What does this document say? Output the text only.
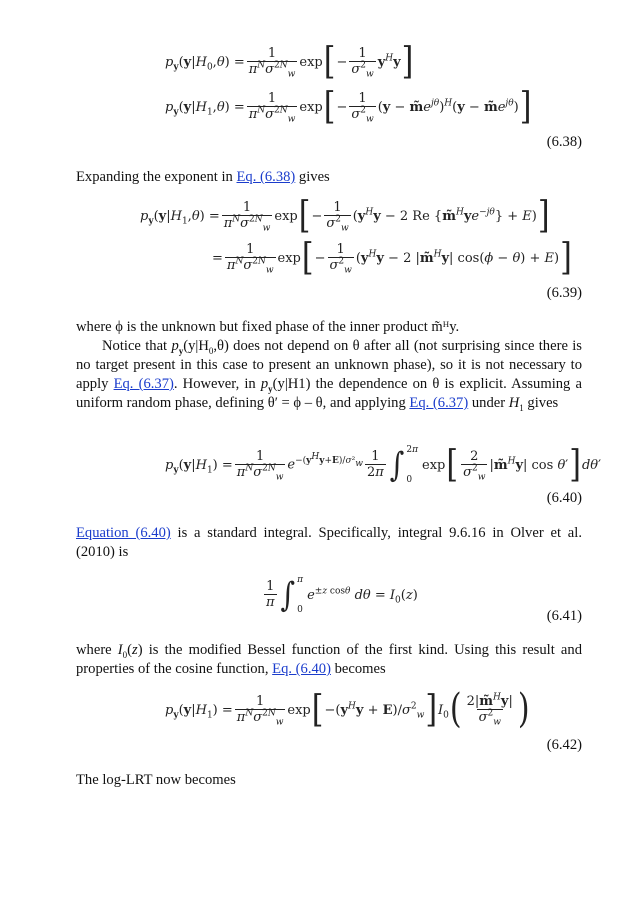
$p_y(y|H_0,\theta) = \frac{1}{\pi^N\sigma^{2N}_w}$ exp [ − $\frac{1}{\sigma^2_w} y^Hy$ ]
$p_y(y|H_1,\theta) = \frac{1}{\pi^N\sigma^{2N}_w}$ exp [ − $\frac{1}{\sigma^2_w} (y$ − $m̃e^{j\theta})^H(y$ − $m̃e^{j\theta}$) ]
(6.38)

Expanding the exponent in Eq. (6.38) gives

$p_y(y|H_1,\theta) = \frac{1}{\pi^N\sigma^{2N}_w}$ exp [ − $\frac{1}{\sigma^2_w} (y^Hy - 2$ Re $\{m̃^Hye^{-j\theta}\} + E$) ]
= $\frac{1}{\pi^N\sigma^{2N}_w}$ exp [ − $\frac{1}{\sigma^2_w} (y^Hy - 2$ |m̃$^H$y| cos(ϕ − θ) + E) ]
(6.39)

where ϕ is the unknown but fixed phase of the inner product m̃ᴴy.

Notice that $p_y(y|H_0,\theta)$ does not depend on θ after all (not surprising since there is no target present in this case to present an unknown phase), so it is not necessary to apply Eq. (6.37). However, in $p_y(y|H1)$ the dependence on θ is explicit. Assuming a uniform random phase, defining θ′ = ϕ – θ, and applying Eq. (6.37) under $H_1$ gives

$p_y(y|H_1) = \frac{1}{\pi^N\sigma^{2N}_w} e^{-(y^Hy+E)/\sigma^2_w} \frac{1}{2\pi}$ ∫ 2π
0
exp [ $\frac{2}{\sigma^2_w}$ |m̃$^H$y| cos θ′ ] dθ′
(6.40)

Equation (6.40) is a standard integral. Specifically, integral 9.6.16 in Olver et al. (2010) is

$\frac{1}{\pi}$ ∫ π
0
$e^{\pm z cos\theta}$ $d\theta = I_0(z)$
(6.41)

where $I_0(z)$ is the modified Bessel function of the first kind. Using this result and properties of the cosine function, Eq. (6.40) becomes

$p_y(y|H_1) = \frac{1}{\pi^N\sigma^{2N}_w}$ exp [ $-(y^Hy + E)/\sigma^2_w$ ] $I_0$ ( $\frac{2|m̃^Hy|}{\sigma^2_w}$ )
(6.42)

The log-LRT now becomes
